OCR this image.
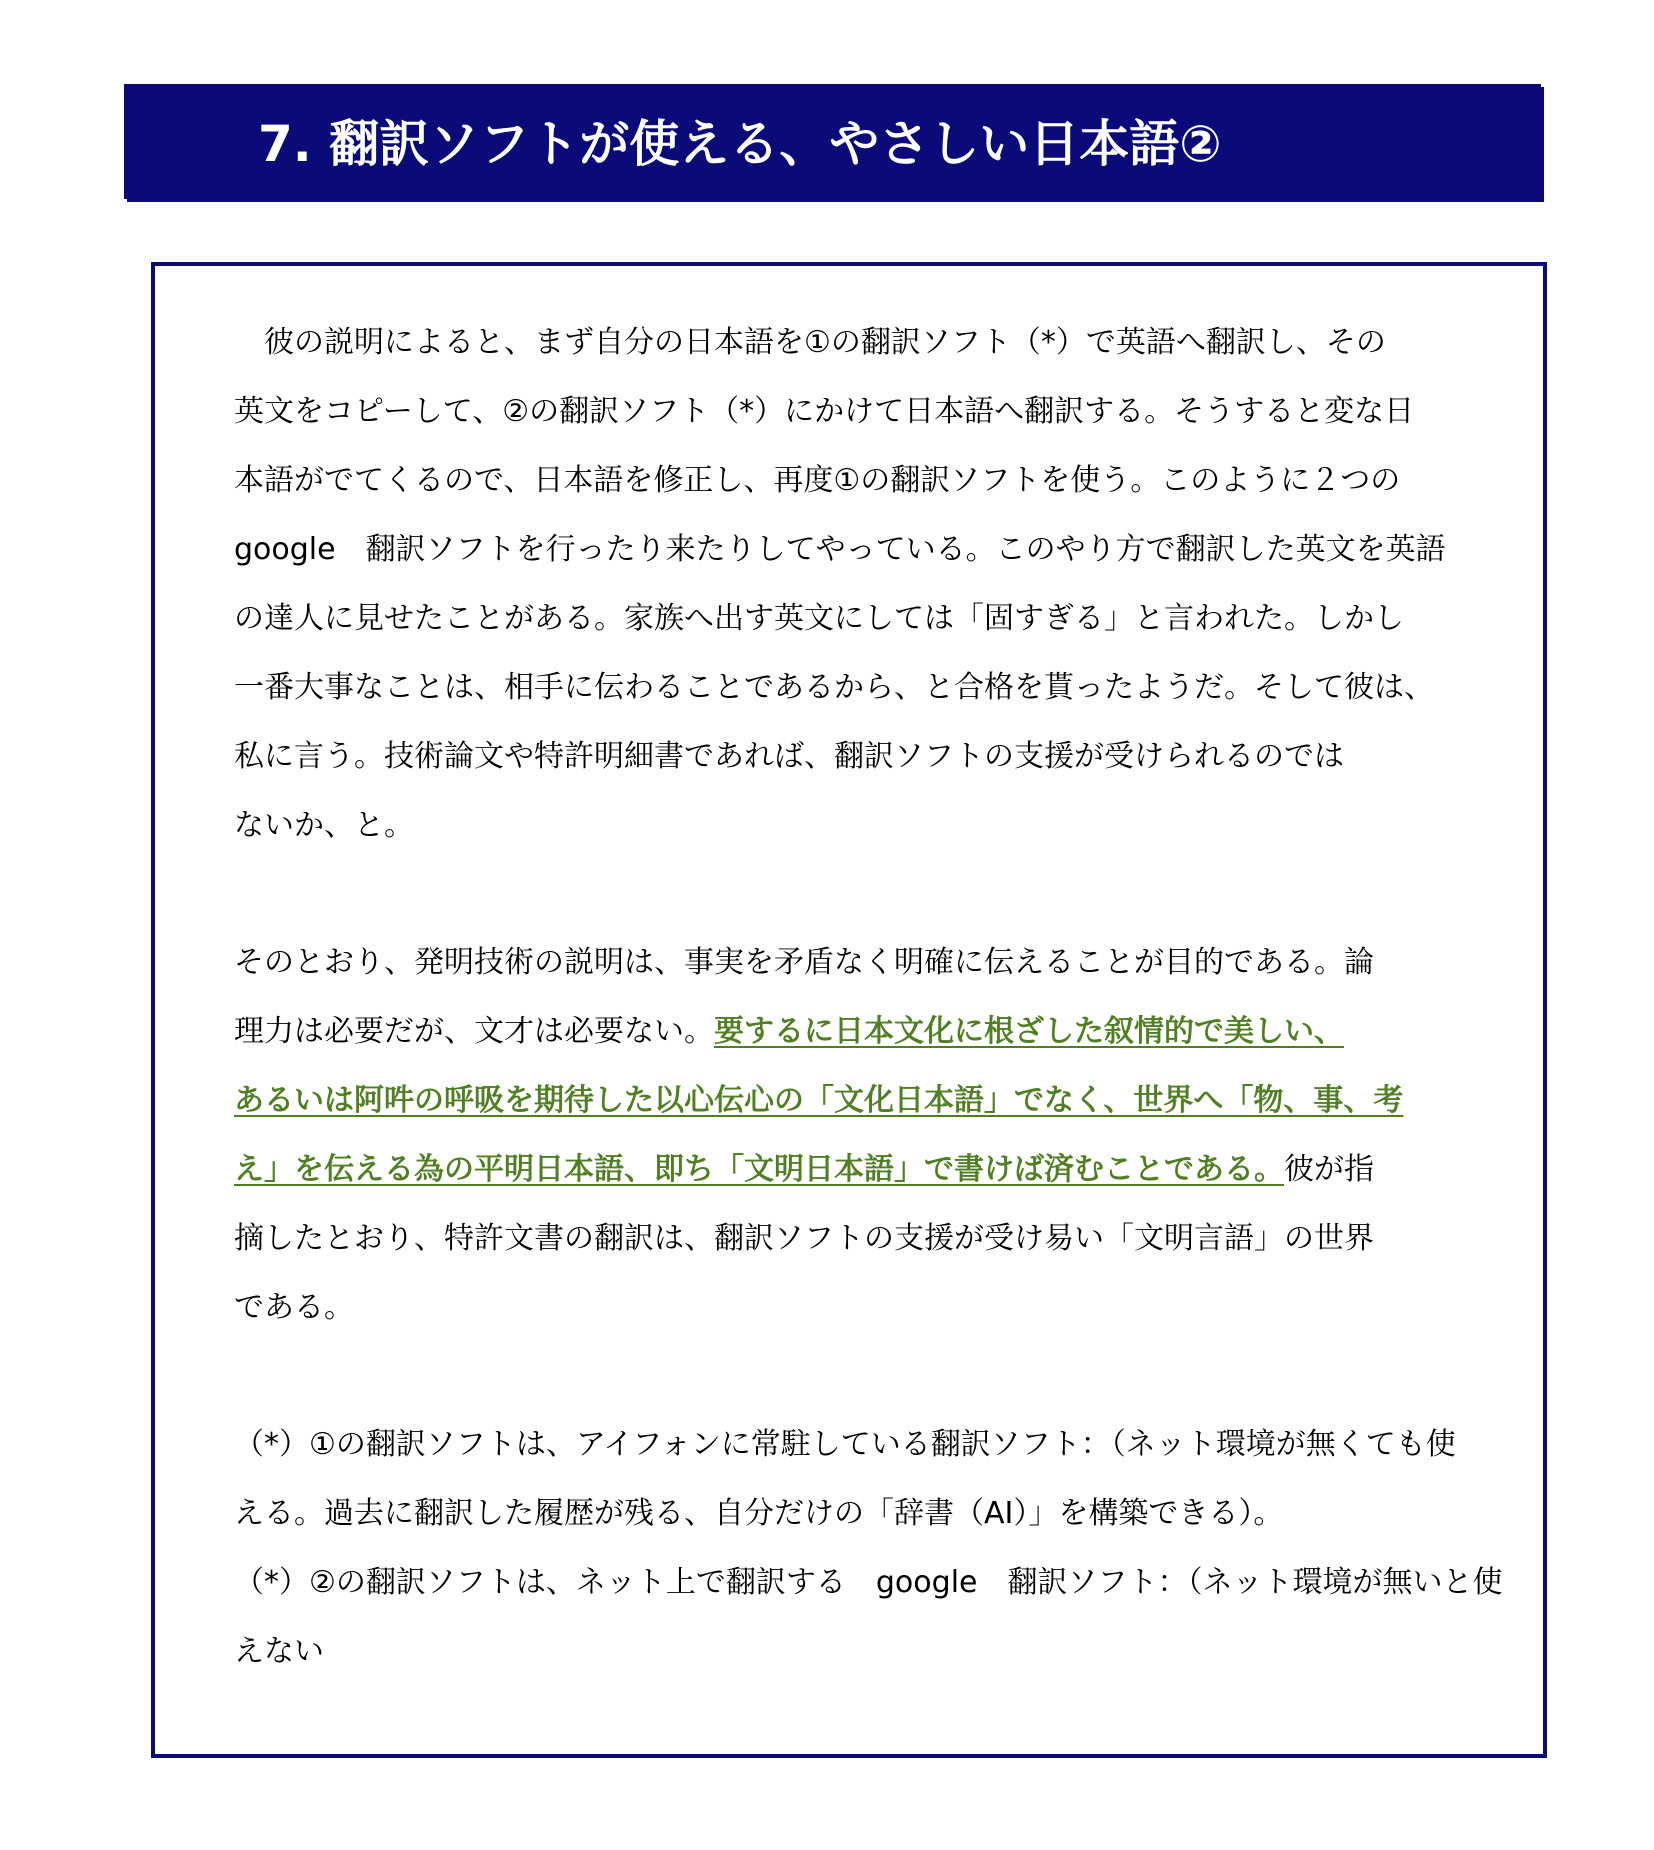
7. 翻訳ソフトが使える、やさしい日本語②
　彼の説明によると、まず自分の日本語を①の翻訳ソフト（*）で英語へ翻訳し、その
英文をコピーして、②の翻訳ソフト（*）にかけて日本語へ翻訳する。そうすると変な日
本語がでてくるので、日本語を修正し、再度①の翻訳ソフトを使う。このように２つの
google　翻訳ソフトを行ったり来たりしてやっている。このやり方で翻訳した英文を英語
の達人に見せたことがある。家族へ出す英文にしては「固すぎる」と言われた。しかし
一番大事なことは、相手に伝わることであるから、と合格を貰ったようだ。そして彼は、
私に言う。技術論文や特許明細書であれば、翻訳ソフトの支援が受けられるのでは
ないか、と。
そのとおり、発明技術の説明は、事実を矛盾なく明確に伝えることが目的である。論
理力は必要だが、文才は必要ない。要するに日本文化に根ざした叙情的で美しい、
あるいは阿吽の呼吸を期待した以心伝心の「文化日本語」でなく、世界へ「物、事、考
え」を伝える為の平明日本語、即ち「文明日本語」で書けば済むことである。彼が指
摘したとおり、特許文書の翻訳は、翻訳ソフトの支援が受け易い「文明言語」の世界
である。
（*）①の翻訳ソフトは、アイフォンに常駐している翻訳ソフト：（ネット環境が無くても使
える。過去に翻訳した履歴が残る、自分だけの「辞書（AI）」を構築できる）。
（*）②の翻訳ソフトは、ネット上で翻訳する　google　翻訳ソフト：（ネット環境が無いと使
えない
